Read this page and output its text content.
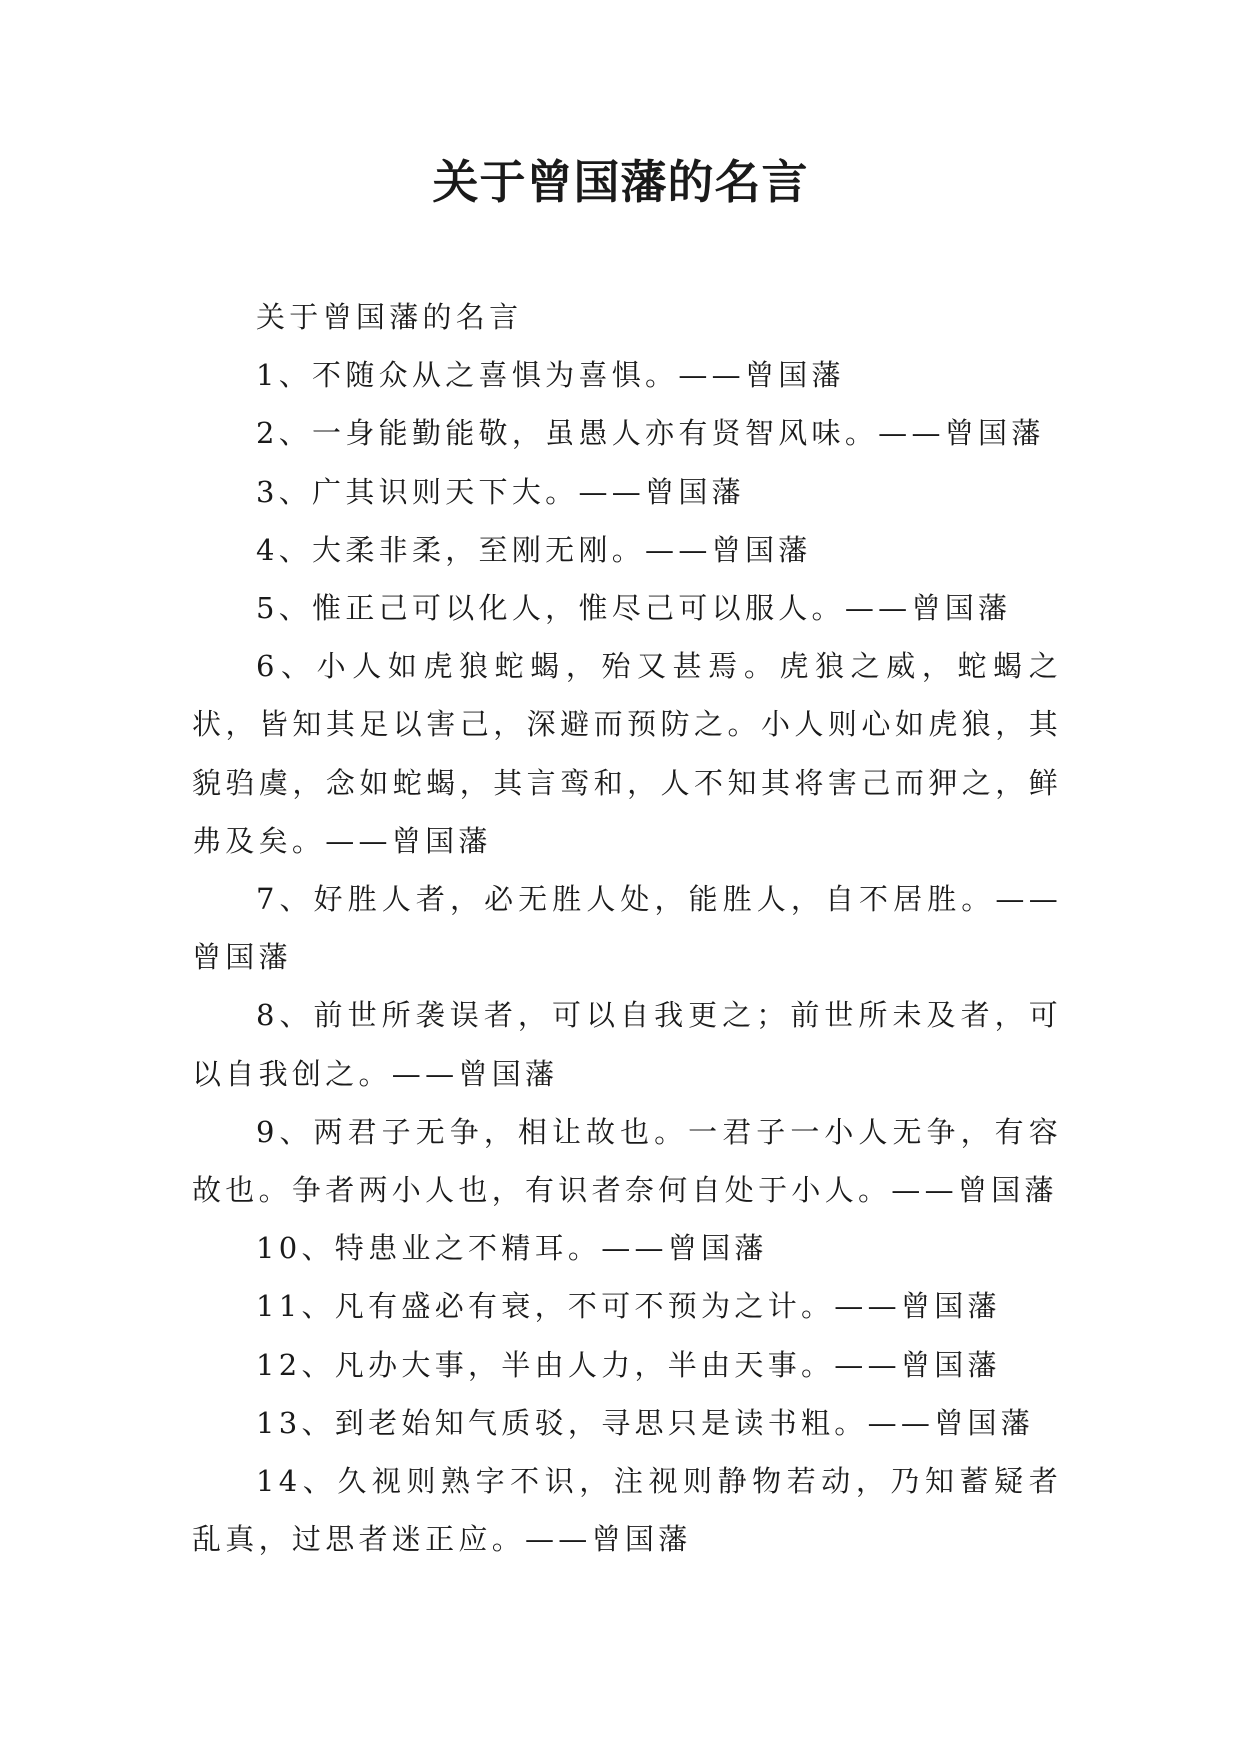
关于曾国藩的名言

关于曾国藩的名言

1、不随众从之喜惧为喜惧。——曾国藩

2、一身能勤能敬，虽愚人亦有贤智风味。——曾国藩

3、广其识则天下大。——曾国藩

4、大柔非柔，至刚无刚。——曾国藩

5、惟正己可以化人，惟尽己可以服人。——曾国藩

6、小人如虎狼蛇蝎，殆又甚焉。虎狼之威，蛇蝎之状，皆知其足以害己，深避而预防之。小人则心如虎狼，其貌驺虞，念如蛇蝎，其言鸾和，人不知其将害己而狎之，鲜弗及矣。——曾国藩

7、好胜人者，必无胜人处，能胜人，自不居胜。——曾国藩

8、前世所袭误者，可以自我更之；前世所未及者，可以自我创之。——曾国藩

9、两君子无争，相让故也。一君子一小人无争，有容故也。争者两小人也，有识者奈何自处于小人。——曾国藩

10、特患业之不精耳。——曾国藩

11、凡有盛必有衰，不可不预为之计。——曾国藩

12、凡办大事，半由人力，半由天事。——曾国藩

13、到老始知气质驳，寻思只是读书粗。——曾国藩

14、久视则熟字不识，注视则静物若动，乃知蓄疑者乱真，过思者迷正应。——曾国藩
